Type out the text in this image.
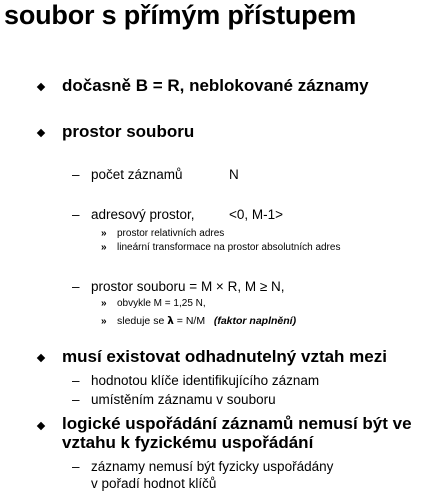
soubor s přímým přístupem
dočasně B = R, neblokované záznamy
prostor souboru
– počet záznamů	N
– adresový prostor,	<0, M-1>
» prostor relativních adres
» lineární transformace na prostor absolutních adres
– prostor souboru = M × R, M ≥ N,
» obvykle M = 1,25 N,
» sleduje se λ = N/M (faktor naplnění)
musí existovat odhadnutelný vztah mezi
– hodnotou klíče identifikujícího záznam
– umístěním záznamu v souboru
logické uspořádání záznamů nemusí být ve
vztahu k fyzickému uspořádání
– záznamy nemusí být fyzicky uspořádány
v pořadí hodnot klíčů
